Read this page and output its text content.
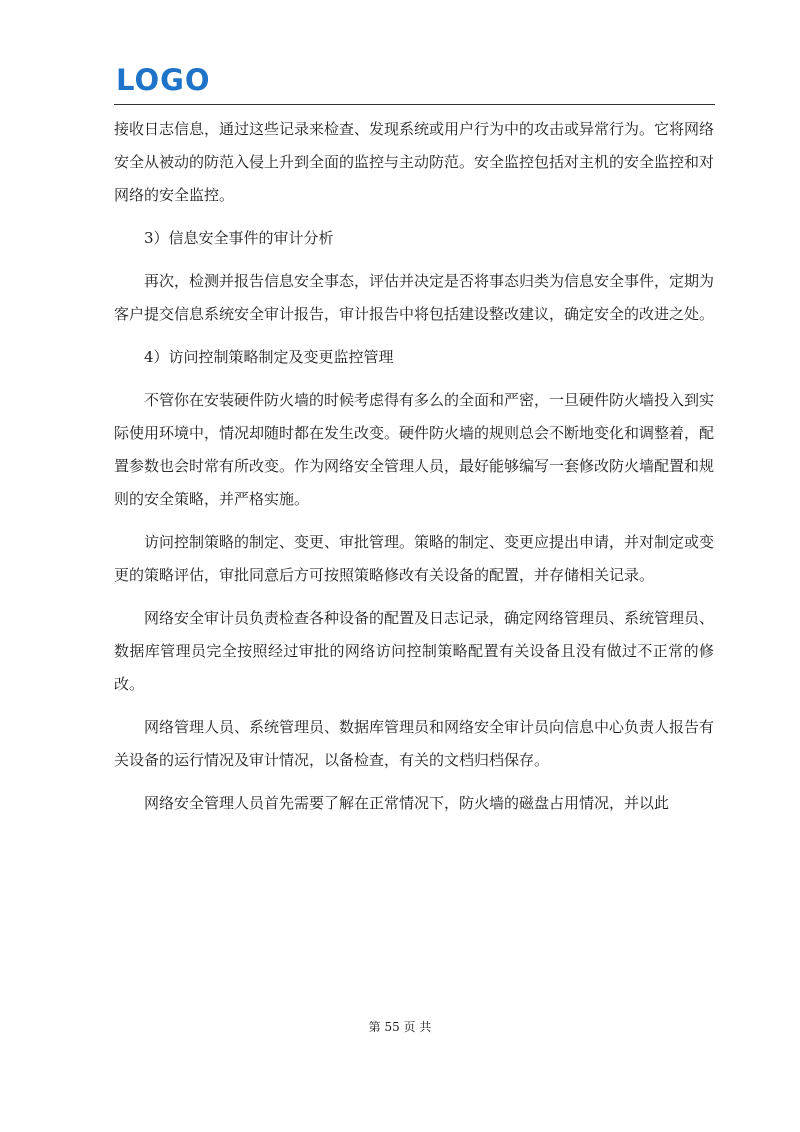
LOGO

接收日志信息，通过这些记录来检查、发现系统或用户行为中的攻击或异常行为。它将网络安全从被动的防范入侵上升到全面的监控与主动防范。安全监控包括对主机的安全监控和对网络的安全监控。

3）信息安全事件的审计分析

再次，检测并报告信息安全事态，评估并决定是否将事态归类为信息安全事件，定期为客户提交信息系统安全审计报告，审计报告中将包括建设整改建议，确定安全的改进之处。

4）访问控制策略制定及变更监控管理

不管你在安装硬件防火墙的时候考虑得有多么的全面和严密，一旦硬件防火墙投入到实际使用环境中，情况却随时都在发生改变。硬件防火墙的规则总会不断地变化和调整着，配置参数也会时常有所改变。作为网络安全管理人员，最好能够编写一套修改防火墙配置和规则的安全策略，并严格实施。

访问控制策略的制定、变更、审批管理。策略的制定、变更应提出申请，并对制定或变更的策略评估，审批同意后方可按照策略修改有关设备的配置，并存储相关记录。

网络安全审计员负责检查各种设备的配置及日志记录，确定网络管理员、系统管理员、数据库管理员完全按照经过审批的网络访问控制策略配置有关设备且没有做过不正常的修改。

网络管理人员、系统管理员、数据库管理员和网络安全审计员向信息中心负责人报告有关设备的运行情况及审计情况，以备检查，有关的文档归档保存。

网络安全管理人员首先需要了解在正常情况下，防火墙的磁盘占用情况，并以此

第 55 页 共
